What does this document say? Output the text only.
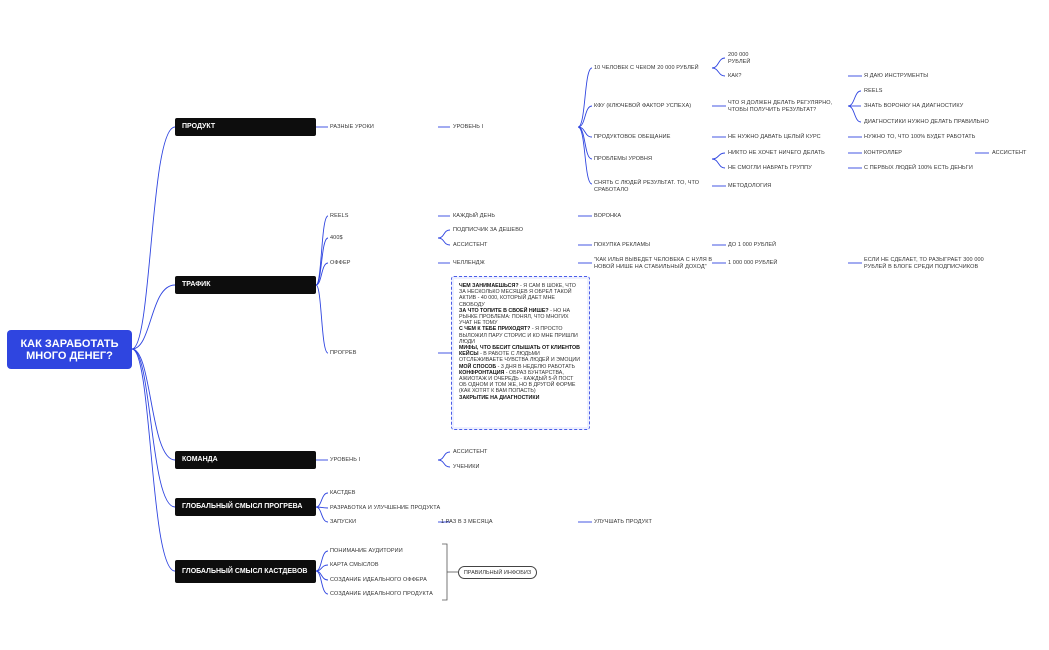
КАК ЗАРАБОТАТЬ МНОГО ДЕНЕГ?
ПРОДУКТ
ТРАФИК
КОМАНДА
ГЛОБАЛЬНЫЙ СМЫСЛ ПРОГРЕВА
ГЛОБАЛЬНЫЙ СМЫСЛ КАСТДЕВОВ
РАЗНЫЕ УРОКИ	УРОВЕНЬ I
10 ЧЕЛОВЕК С ЧЕКОМ 20 000 РУБЛЕЙ
200 000 РУБЛЕЙ
КАК?	Я ДАЮ ИНСТРУМЕНТЫ
КФУ (КЛЮЧЕВОЙ ФАКТОР УСПЕХА)	ЧТО Я ДОЛЖЕН ДЕЛАТЬ РЕГУЛЯРНО, ЧТОБЫ ПОЛУЧИТЬ РЕЗУЛЬТАТ?
REELS
ЗНАТЬ ВОРОНКУ НА ДИАГНОСТИКУ
ДИАГНОСТИКИ НУЖНО ДЕЛАТЬ ПРАВИЛЬНО
ПРОДУКТОВОЕ ОБЕЩАНИЕ	НЕ НУЖНО ДАВАТЬ ЦЕЛЫЙ КУРС	НУЖНО ТО, ЧТО 100% БУДЕТ РАБОТАТЬ
ПРОБЛЕМЫ УРОВНЯ
НИКТО НЕ ХОЧЕТ НИЧЕГО ДЕЛАТЬ	КОНТРОЛЛЕР	АССИСТЕНТ
НЕ СМОГЛИ НАБРАТЬ ГРУППУ	С ПЕРВЫХ ЛЮДЕЙ 100% ЕСТЬ ДЕНЬГИ
СНЯТЬ С ЛЮДЕЙ РЕЗУЛЬТАТ. ТО, ЧТО СРАБОТАЛО
МЕТОДОЛОГИЯ
REELS	КАЖДЫЙ ДЕНЬ	ВОРОНКА
400$
ПОДПИСЧИК ЗА ДЕШЕВО
АССИСТЕНТ	ПОКУПКА РЕКЛАМЫ	ДО 1 000 РУБЛЕЙ
ОФФЕР	ЧЕЛЛЕНДЖ	"КАК ИЛЬЯ ВЫВЕДЕТ ЧЕЛОВЕКА С НУЛЯ В НОВОЙ НИШЕ НА СТАБИЛЬНЫЙ ДОХОД"
1 000 000 РУБЛЕЙ	ЕСЛИ НЕ СДЕЛАЕТ, ТО РАЗЫГРАЕТ 300 000 РУБЛЕЙ В БЛОГЕ СРЕДИ ПОДПИСЧИКОВ
ПРОГРЕВ

ЧЕМ ЗАНИМАЕШЬСЯ? - Я САМ В ШОКЕ, ЧТО ЗА НЕСКОЛЬКО МЕСЯЦЕВ Я ОБРЕЛ ТАКОЙ АКТИВ - 40 000, КОТОРЫЙ ДАЕТ МНЕ СВОБОДУ

ЗА ЧТО ТОПИТЕ В СВОЕЙ НИШЕ? - НО НА РЫНКЕ ПРОБЛЕМА: ПОНЯЛ, ЧТО МНОГИХ УЧАТ НЕ ТОМУ

С ЧЕМ К ТЕБЕ ПРИХОДЯТ? - Я ПРОСТО ВЫЛОЖИЛ ПАРУ СТОРИС И КО МНЕ ПРИШЛИ ЛЮДИ

МИФЫ, ЧТО БЕСИТ СЛЫШАТЬ ОТ КЛИЕНТОВ

КЕЙСЫ - В РАБОТЕ С ЛЮДЬМИ ОТСЛЕЖИВАЕТЕ ЧУВСТВА ЛЮДЕЙ И ЭМОЦИИ

МОЙ СПОСОБ - 3 ДНЯ В НЕДЕЛЮ РАБОТАТЬ

КОНФРОНТАЦИЯ - ОБРАЗ БУНТАРСТВА, АЖИОТАЖ И ОЧЕРЕДЬ - КАЖДЫЙ 5-Й ПОСТ ОБ ОДНОМ И ТОМ ЖЕ, НО В ДРУГОЙ ФОРМЕ (КАК ХОТЯТ К ВАМ ПОПАСТЬ)

ЗАКРЫТИЕ НА ДИАГНОСТИКИ

УРОВЕНЬ I
АССИСТЕНТ
УЧЕНИКИ
КАСТДЕВ
РАЗРАБОТКА И УЛУЧШЕНИЕ ПРОДУКТА
ЗАПУСКИ	1 РАЗ В 3 МЕСЯЦА	УЛУЧШАТЬ ПРОДУКТ
ПОНИМАНИЕ АУДИТОРИИ
КАРТА СМЫСЛОВ
СОЗДАНИЕ ИДЕАЛЬНОГО ОФФЕРА
СОЗДАНИЕ ИДЕАЛЬНОГО ПРОДУКТА
ПРАВИЛЬНЫЙ ИНФОБИЗ
